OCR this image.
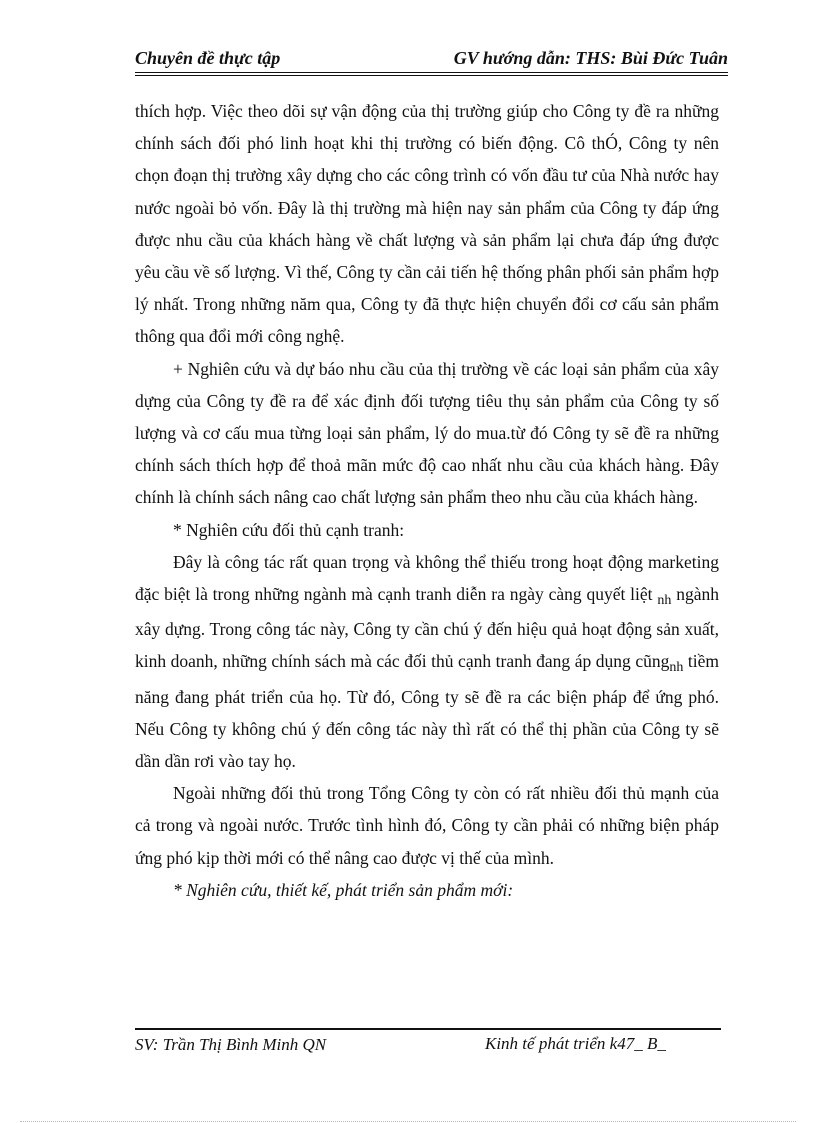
Chuyên đề thực tập	GV hướng dẫn: THS: Bùi Đức Tuân

thích hợp. Việc theo dõi sự vận động của thị trường giúp cho Công ty đề ra những chính sách đối phó linh hoạt khi thị trường có biến động. Cô thÓ, Công ty nên chọn đoạn thị trường xây dựng cho các công trình có vốn đầu tư của Nhà nước hay nước ngoài bỏ vốn. Đây là thị trường mà hiện nay sản phẩm của Công ty đáp ứng được nhu cầu của khách hàng về chất lượng và sản phẩm lại chưa đáp ứng được yêu cầu về số lượng. Vì thế, Công ty cần cải tiến hệ thống phân phối sản phẩm hợp lý nhất. Trong những năm qua, Công ty đã thực hiện chuyển đổi cơ cấu sản phẩm thông qua đổi mới công nghệ.

+ Nghiên cứu và dự báo nhu cầu của thị trường về các loại sản phẩm của xây dựng của Công ty đề ra để xác định đối tượng tiêu thụ sản phẩm của Công ty số lượng và cơ cấu mua từng loại sản phẩm, lý do mua.từ đó Công ty sẽ đề ra những chính sách thích hợp để thoả mãn mức độ cao nhất nhu cầu của khách hàng. Đây chính là chính sách nâng cao chất lượng sản phẩm theo nhu cầu của khách hàng.

* Nghiên cứu đối thủ cạnh tranh:

Đây là công tác rất quan trọng và không thể thiếu trong hoạt động marketing đặc biệt là trong những ngành mà cạnh tranh diễn ra ngày càng quyết liệt $_{nh}$ ngành xây dựng. Trong công tác này, Công ty cần chú ý đến hiệu quả hoạt động sản xuất, kinh doanh, những chính sách mà các đối thủ cạnh tranh đang áp dụng cũng$_{nh}$ tiềm năng đang phát triển của họ. Từ đó, Công ty sẽ đề ra các biện pháp để ứng phó. Nếu Công ty không chú ý đến công tác này thì rất có thể thị phần của Công ty sẽ dần dần rơi vào tay họ.

Ngoài những đối thủ trong Tổng Công ty còn có rất nhiều đối thủ mạnh của cả trong và ngoài nước. Trước tình hình đó, Công ty cần phải có những biện pháp ứng phó kịp thời mới có thể nâng cao được vị thế của mình.

* Nghiên cứu, thiết kế, phát triển sản phẩm mới:

SV: Trần Thị Bình Minh QN	Kinh tế phát triển k47_ B_
